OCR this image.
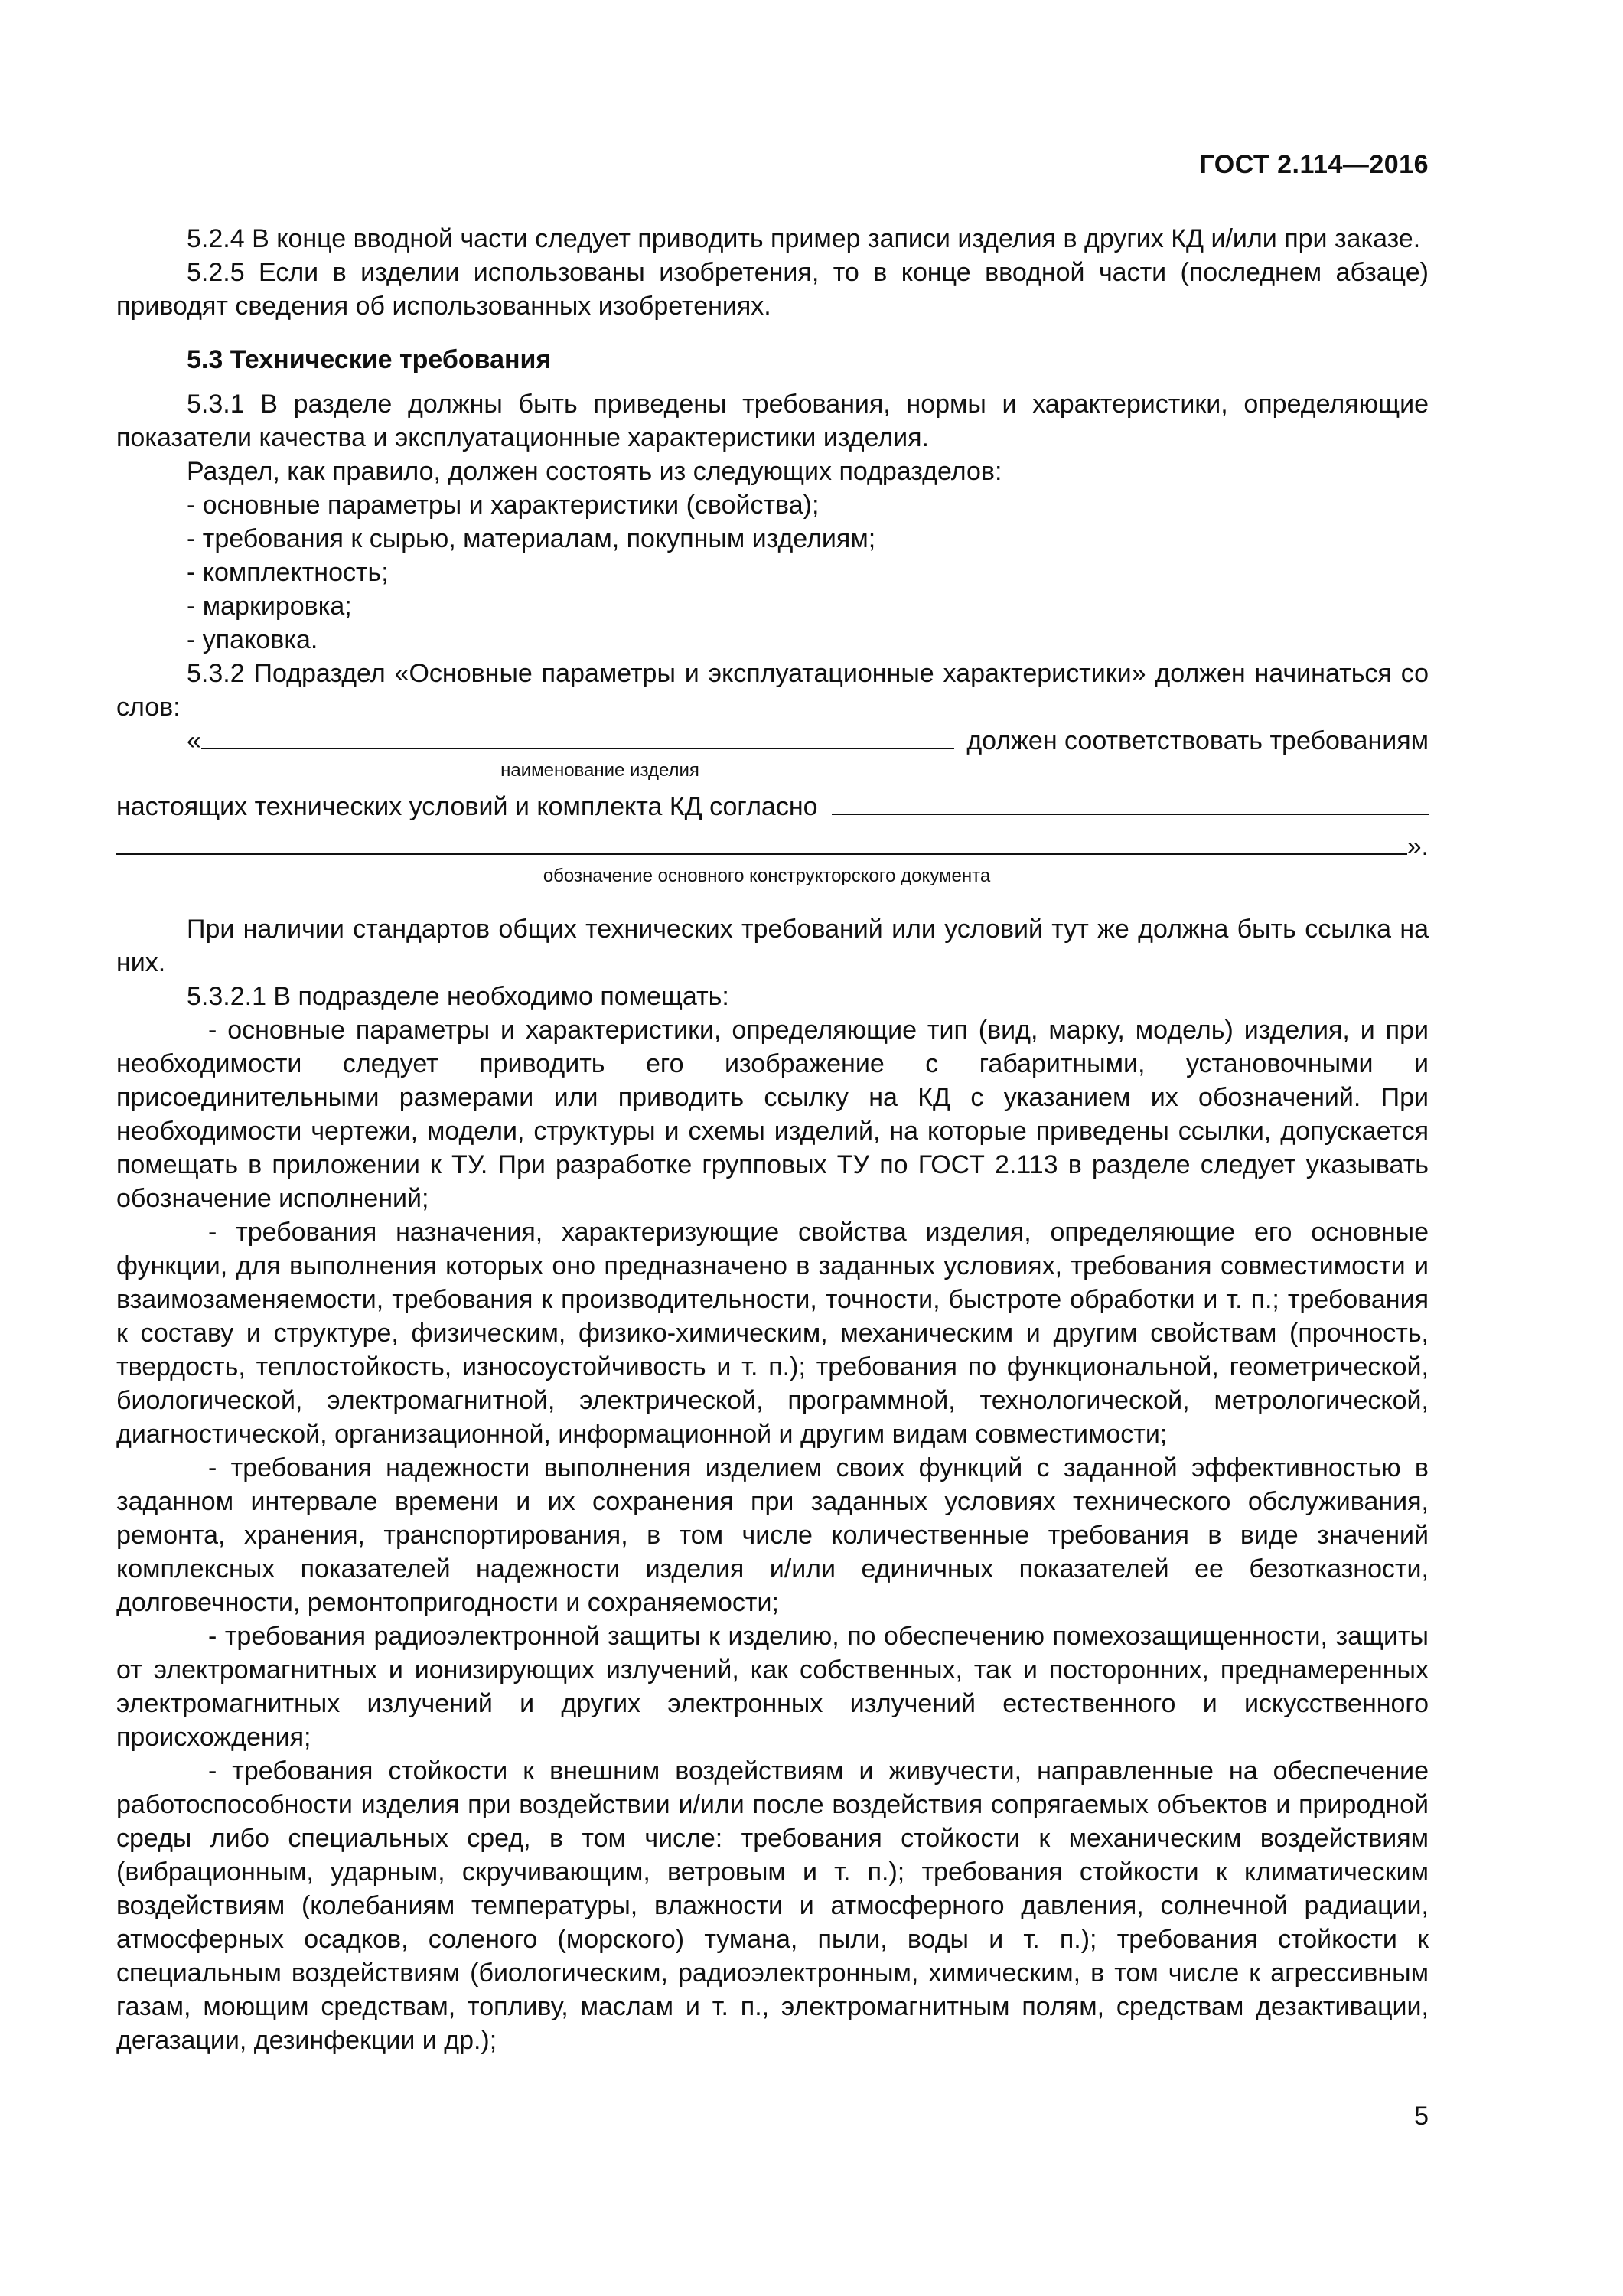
ГОСТ 2.114—2016

5.2.4 В конце вводной части следует приводить пример записи изделия в других КД и/или при заказе.

5.2.5 Если в изделии использованы изобретения, то в конце вводной части (последнем абзаце) приводят сведения об использованных изобретениях.

5.3 Технические требования

5.3.1 В разделе должны быть приведены требования, нормы и характеристики, определяющие показатели качества и эксплуатационные характеристики изделия.

Раздел, как правило, должен состоять из следующих подразделов:

- основные параметры и характеристики (свойства);

- требования к сырью, материалам, покупным изделиям;

- комплектность;

- маркировка;

- упаковка.

5.3.2 Подраздел «Основные параметры и эксплуатационные характеристики» должен начинаться со слов:

«	должен соответствовать требованиям

наименование изделия

настоящих технических условий и комплекта КД согласно
».

обозначение основного конструкторского документа

При наличии стандартов общих технических требований или условий тут же должна быть ссылка на них.

5.3.2.1 В подразделе необходимо помещать:

- основные параметры и характеристики, определяющие тип (вид, марку, модель) изделия, и при необходимости следует приводить его изображение с габаритными, установочными и присоединительными размерами или приводить ссылку на КД с указанием их обозначений. При необходимости чертежи, модели, структуры и схемы изделий, на которые приведены ссылки, допускается помещать в приложении к ТУ. При разработке групповых ТУ по ГОСТ 2.113 в разделе следует указывать обозначение исполнений;

- требования назначения, характеризующие свойства изделия, определяющие его основные функции, для выполнения которых оно предназначено в заданных условиях, требования совместимости и взаимозаменяемости, требования к производительности, точности, быстроте обработки и т. п.; требования к составу и структуре, физическим, физико-химическим, механическим и другим свойствам (прочность, твердость, теплостойкость, износоустойчивость и т. п.); требования по функциональной, геометрической, биологической, электромагнитной, электрической, программной, технологической, метрологической, диагностической, организационной, информационной и другим видам совместимости;

- требования надежности выполнения изделием своих функций с заданной эффективностью в заданном интервале времени и их сохранения при заданных условиях технического обслуживания, ремонта, хранения, транспортирования, в том числе количественные требования в виде значений комплексных показателей надежности изделия и/или единичных показателей ее безотказности, долговечности, ремонтопригодности и сохраняемости;

- требования радиоэлектронной защиты к изделию, по обеспечению помехозащищенности, защиты от электромагнитных и ионизирующих излучений, как собственных, так и посторонних, преднамеренных электромагнитных излучений и других электронных излучений естественного и искусственного происхождения;

- требования стойкости к внешним воздействиям и живучести, направленные на обеспечение работоспособности изделия при воздействии и/или после воздействия сопрягаемых объектов и природной среды либо специальных сред, в том числе: требования стойкости к механическим воздействиям (вибрационным, ударным, скручивающим, ветровым и т. п.); требования стойкости к климатическим воздействиям (колебаниям температуры, влажности и атмосферного давления, солнечной радиации, атмосферных осадков, соленого (морского) тумана, пыли, воды и т. п.); требования стойкости к специальным воздействиям (биологическим, радиоэлектронным, химическим, в том числе к агрессивным газам, моющим средствам, топливу, маслам и т. п., электромагнитным полям, средствам дезактивации, дегазации, дезинфекции и др.);

5
